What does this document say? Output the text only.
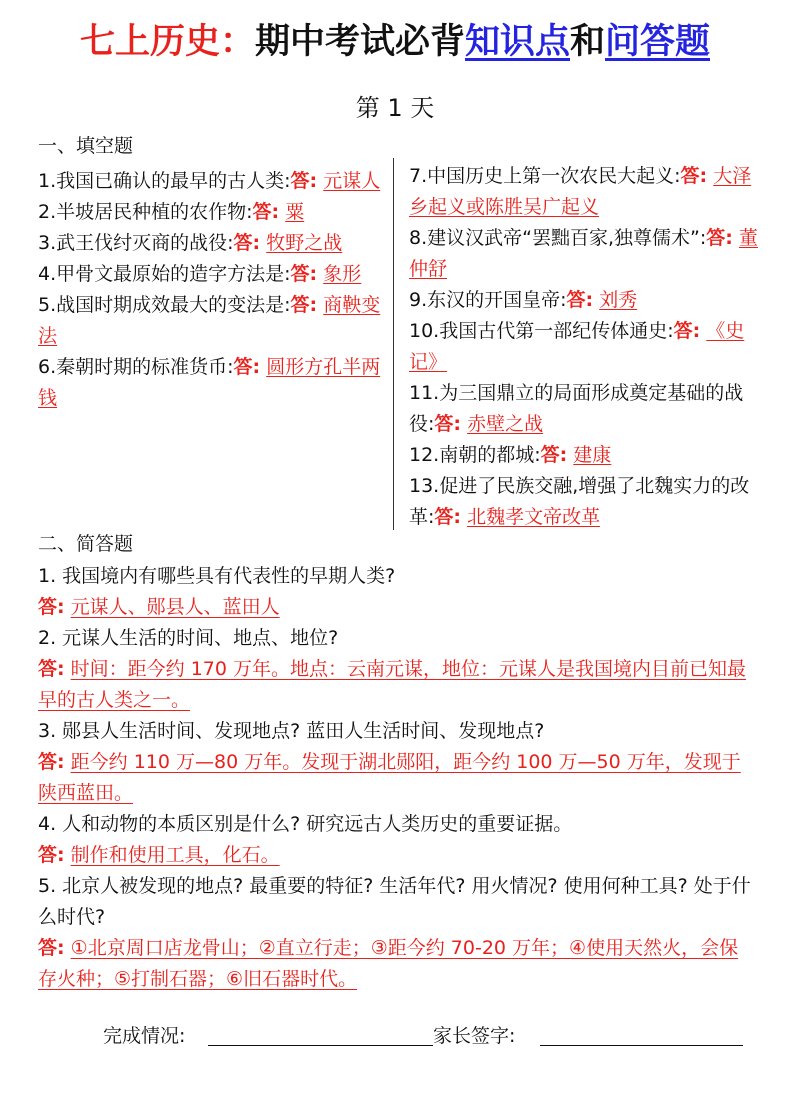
七上历史：期中考试必背知识点和问答题
第 1 天
一、填空题
1.我国已确认的最早的古人类:答: 元谋人
2.半坡居民种植的农作物:答: 粟
3.武王伐纣灭商的战役:答: 牧野之战
4.甲骨文最原始的造字方法是:答: 象形
5.战国时期成效最大的变法是:答: 商鞅变法
6.秦朝时期的标准货币:答: 圆形方孔半两钱
7.中国历史上第一次农民大起义:答: 大泽乡起义或陈胜吴广起义
8.建议汉武帝“罢黜百家,独尊儒术”:答: 董仲舒
9.东汉的开国皇帝:答: 刘秀
10.我国古代第一部纪传体通史:答: 《史记》
11.为三国鼎立的局面形成奠定基础的战役:答: 赤壁之战
12.南朝的都城:答: 建康
13.促进了民族交融,增强了北魏实力的改革:答: 北魏孝文帝改革
二、简答题
1. 我国境内有哪些具有代表性的早期人类?
答: 元谋人、郧县人、蓝田人
2. 元谋人生活的时间、地点、地位?
答: 时间：距今约 170 万年。地点：云南元谋，地位：元谋人是我国境内目前已知最早的古人类之一。
3. 郧县人生活时间、发现地点? 蓝田人生活时间、发现地点?
答: 距今约 110 万—80 万年。发现于湖北郧阳，距今约 100 万—50 万年，发现于陕西蓝田。
4. 人和动物的本质区别是什么? 研究远古人类历史的重要证据。
答: 制作和使用工具，化石。
5. 北京人被发现的地点? 最重要的特征? 生活年代? 用火情况? 使用何种工具? 处于什么时代?
答: ①北京周口店龙骨山；②直立行走；③距今约 70-20 万年；④使用天然火，会保存火种；⑤打制石器；⑥旧石器时代。
完成情况:	家长签字:
